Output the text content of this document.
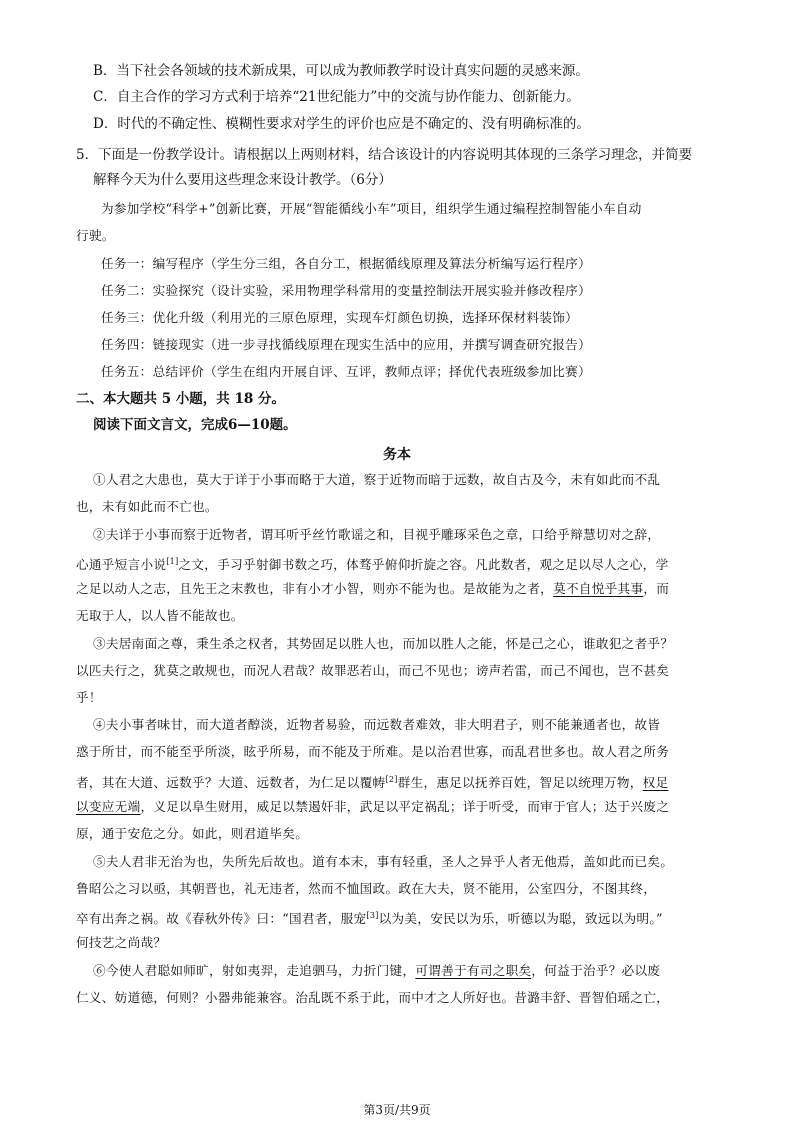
B．当下社会各领域的技术新成果，可以成为教师教学时设计真实问题的灵感来源。
C．自主合作的学习方式利于培养“21世纪能力”中的交流与协作能力、创新能力。
D．时代的不确定性、模糊性要求对学生的评价也应是不确定的、没有明确标准的。
5．下面是一份教学设计。请根据以上两则材料，结合该设计的内容说明其体现的三条学习理念，并简要
解释今天为什么要用这些理念来设计教学。（6分）
为参加学校“科学+”创新比赛，开展“智能循线小车”项目，组织学生通过编程控制智能小车自动
行驶。
任务一：编写程序（学生分三组，各自分工，根据循线原理及算法分析编写运行程序）
任务二：实验探究（设计实验，采用物理学科常用的变量控制法开展实验并修改程序）
任务三：优化升级（利用光的三原色原理，实现车灯颜色切换，选择环保材料装饰）
任务四：链接现实（进一步寻找循线原理在现实生活中的应用，并撰写调查研究报告）
任务五：总结评价（学生在组内开展自评、互评，教师点评；择优代表班级参加比赛）
二、本大题共 5 小题，共 18 分。
阅读下面文言文，完成6—10题。
务本
①人君之大患也，莫大于详于小事而略于大道，察于近物而暗于远数，故自古及今，未有如此而不乱
也，未有如此而不亡也。
②夫详于小事而察于近物者，谓耳听乎丝竹歌谣之和，目视乎雕琢采色之章，口给乎辩慧切对之辞，
心通乎短言小说[1]之文，手习乎射御书数之巧，体骛乎俯仰折旋之容。凡此数者，观之足以尽人之心，学
之足以动人之志，且先王之末教也，非有小才小智，则亦不能为也。是故能为之者，莫不自悦乎其事，而
无取于人，以人皆不能故也。
③夫居南面之尊，秉生杀之权者，其势固足以胜人也，而加以胜人之能，怀是己之心，谁敢犯之者乎？
以匹夫行之，犹莫之敢规也，而况人君哉？故罪恶若山，而己不见也；谤声若雷，而己不闻也，岂不甚矣
乎！
④夫小事者味甘，而大道者醇淡，近物者易验，而远数者难效，非大明君子，则不能兼通者也，故皆
惑于所甘，而不能至乎所淡，眩乎所易，而不能及于所难。是以治君世寡，而乱君世多也。故人君之所务
者，其在大道、远数乎？大道、远数者，为仁足以覆帱[2]群生，惠足以抚养百姓，智足以统理万物，权足
以变应无端，义足以阜生财用，威足以禁遏奸非，武足以平定祸乱；详于听受，而审于官人；达于兴废之
原，通于安危之分。如此，则君道毕矣。
⑤夫人君非无治为也，失所先后故也。道有本末，事有轻重，圣人之异乎人者无他焉，盖如此而已矣。
鲁昭公之习以亟，其朝晋也，礼无违者，然而不恤国政。政在大夫，贤不能用，公室四分，不图其终，
卒有出奔之祸。故《春秋外传》曰：“国君者，服宠[3]以为美，安民以为乐，听德以为聪，致远以为明。”
何技艺之尚哉？
⑥今使人君聪如师旷，射如夷羿，走追驷马，力折门键，可谓善于有司之职矣，何益于治乎？必以废
仁义、妨道德，何则？小器弗能兼容。治乱既不系于此，而中才之人所好也。昔潞丰舒、晋智伯瑶之亡，
第3页/共9页
